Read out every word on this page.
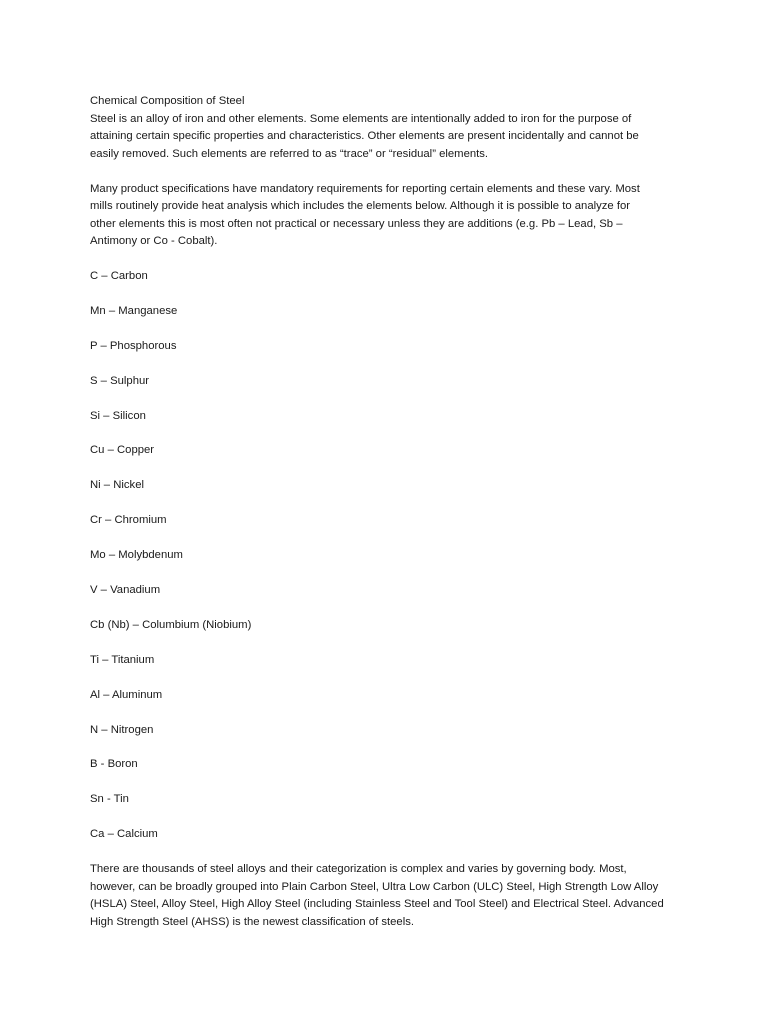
Chemical Composition of Steel
Steel is an alloy of iron and other elements. Some elements are intentionally added to iron for the purpose of
attaining certain specific properties and characteristics. Other elements are present incidentally and cannot be
easily removed. Such elements are referred to as “trace” or “residual” elements.
Many product specifications have mandatory requirements for reporting certain elements and these vary. Most
mills routinely provide heat analysis which includes the elements below. Although it is possible to analyze for
other elements this is most often not practical or necessary unless they are additions (e.g. Pb – Lead, Sb –
Antimony or Co - Cobalt).
C – Carbon
Mn – Manganese
P – Phosphorous
S – Sulphur
Si – Silicon
Cu – Copper
Ni – Nickel
Cr – Chromium
Mo – Molybdenum
V – Vanadium
Cb (Nb) – Columbium (Niobium)
Ti – Titanium
Al – Aluminum
N – Nitrogen
B - Boron
Sn - Tin
Ca – Calcium
There are thousands of steel alloys and their categorization is complex and varies by governing body. Most,
however, can be broadly grouped into Plain Carbon Steel, Ultra Low Carbon (ULC) Steel, High Strength Low Alloy
(HSLA) Steel, Alloy Steel, High Alloy Steel (including Stainless Steel and Tool Steel) and Electrical Steel. Advanced
High Strength Steel (AHSS) is the newest classification of steels.
